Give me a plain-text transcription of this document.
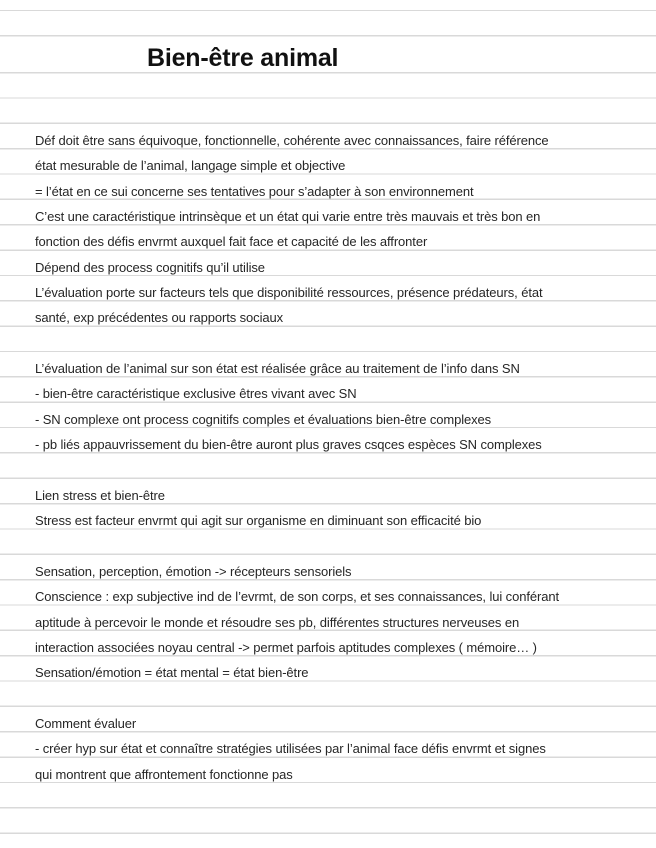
Bien-être animal
Déf doit être sans équivoque, fonctionnelle, cohérente avec connaissances, faire référence
état mesurable de l’animal, langage simple et objective
= l’état en ce sui concerne ses tentatives pour s’adapter à son environnement
C’est une caractéristique intrinsèque et un état qui varie entre très mauvais et très bon en
fonction des défis envrmt auxquel fait face et capacité de les affronter
Dépend des process cognitifs qu’il utilise
L’évaluation porte sur facteurs tels que disponibilité ressources, présence prédateurs, état
santé, exp précédentes ou rapports sociaux
L’évaluation de l’animal sur son état est réalisée grâce au traitement de l’info dans SN
- bien-être caractéristique exclusive êtres vivant avec SN
- SN complexe ont process cognitifs comples et évaluations bien-être complexes
- pb liés appauvrissement du bien-être auront plus graves csqces espèces SN complexes
Lien stress et bien-être
Stress est facteur envrmt qui agit sur organisme en diminuant son efficacité bio
Sensation, perception, émotion -> récepteurs sensoriels
Conscience : exp subjective ind de l’evrmt, de son corps, et ses connaissances, lui conférant
aptitude à percevoir le monde et résoudre ses pb, différentes structures nerveuses en
interaction associées noyau central -> permet parfois aptitudes complexes ( mémoire… )
Sensation/émotion = état mental = état bien-être
Comment évaluer
- créer hyp sur état et connaître stratégies utilisées par l’animal face défis envrmt et signes
qui montrent que affrontement fonctionne pas
